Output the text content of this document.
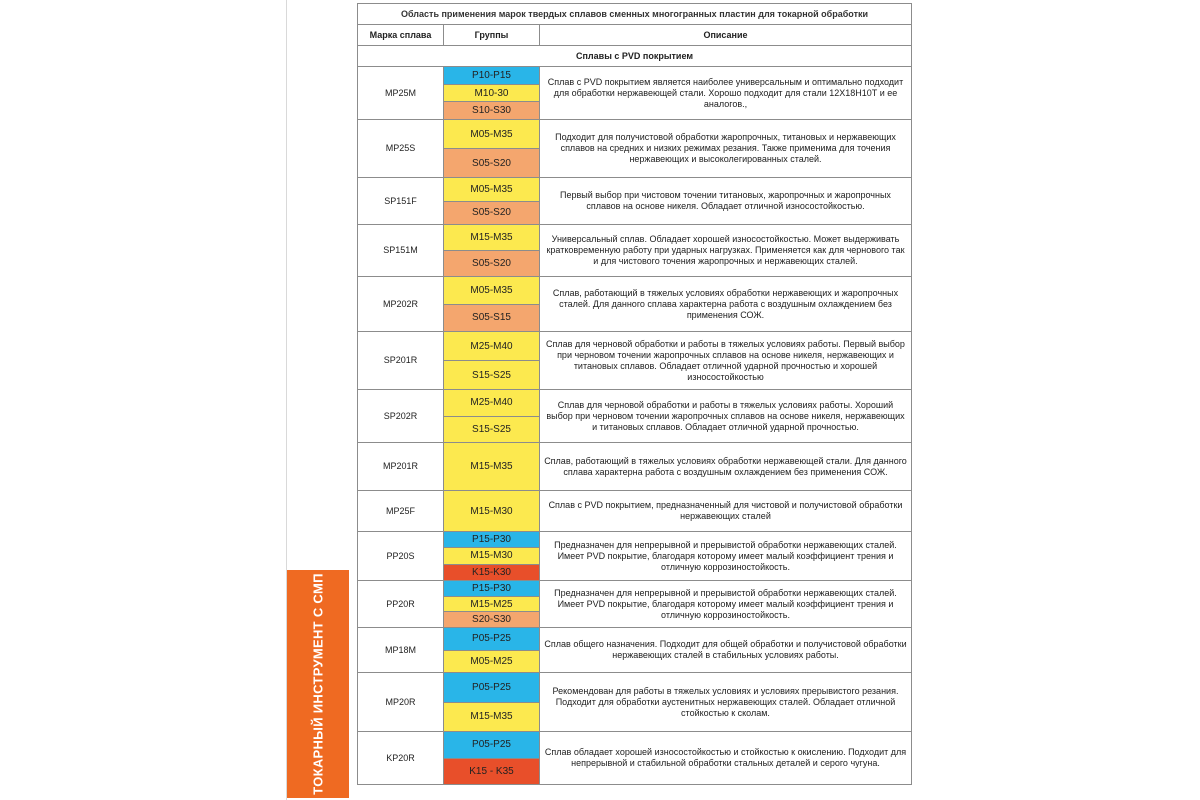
ТОКАРНЫЙ ИНСТРУМЕНТ С СМП
Область применения марок твердых сплавов сменных многогранных пластин для токарной обработки		
Марка сплава	Группы	Описание
Сплавы с PVD покрытием		
MP25M	P10-P15
M10-30
S10-S30	Сплав с PVD покрытием является наиболее универсальным и оптимально подходит для обработки нержавеющей стали. Хорошо подходит для стали 12Х18Н10Т и ее аналогов.,
MP25S	M05-M35
S05-S20	Подходит для получистовой обработки жаропрочных, титановых и нержавеющих сплавов на средних и низких режимах резания. Также применима для точения нержавеющих и высоколегированных сталей.
SP151F	M05-M35
S05-S20	Первый выбор при чистовом точении титановых, жаропрочных и жаропрочных сплавов на основе никеля. Обладает отличной износостойкостью.
SP151M	M15-M35
S05-S20	Универсальный сплав. Обладает хорошей износостойкостью. Может выдерживать кратковременную работу при ударных нагрузках. Применяется как для чернового так и для чистового точения жаропрочных и нержавеющих сталей.
MP202R	M05-M35
S05-S15	Сплав, работающий в тяжелых условиях обработки нержавеющих и жаропрочных сталей. Для данного сплава характерна работа с воздушным охлаждением без применения СОЖ.
SP201R	M25-M40
S15-S25	Сплав для черновой обработки и работы в тяжелых условиях работы. Первый выбор при черновом точении жаропрочных сплавов на основе никеля, нержавеющих и титановых сплавов. Обладает отличной ударной прочностью и хорошей износостойкостью
SP202R	M25-M40
S15-S25	Сплав для черновой обработки и работы в тяжелых условиях работы. Хороший выбор при черновом точении жаропрочных сплавов на основе никеля, нержавеющих и титановых сплавов. Обладает отличной ударной прочностью.
MP201R	M15-M35	Сплав, работающий в тяжелых условиях обработки нержавеющей стали. Для данного сплава характерна работа с воздушным охлаждением без применения СОЖ.
MP25F	M15-M30	Сплав с PVD покрытием, предназначенный для чистовой и получистовой обработки нержавеющих сталей
PP20S	P15-P30
M15-M30
K15-K30	Предназначен для непрерывной и прерывистой обработки нержавеющих сталей. Имеет PVD покрытие, благодаря которому имеет малый коэффициент трения и отличную коррозиностойкость.
PP20R	P15-P30
M15-M25
S20-S30	Предназначен для непрерывной и прерывистой обработки нержавеющих сталей. Имеет PVD покрытие, благодаря которому имеет малый коэффициент трения и отличную коррозиностойкость.
MP18M	P05-P25
M05-M25	Сплав общего назначения. Подходит для общей обработки и получистовой обработки нержавеющих сталей в стабильных условиях работы.
MP20R	P05-P25
M15-M35	Рекомендован для работы в тяжелых условиях и условиях прерывистого резания. Подходит для обработки аустенитных нержавеющих сталей. Обладает отличной стойкостью к сколам.
KP20R	P05-P25
K15 - K35	Сплав обладает хорошей износостойкостью и стойкостью к окислению. Подходит для непрерывной и стабильной обработки стальных деталей и серого чугуна.
